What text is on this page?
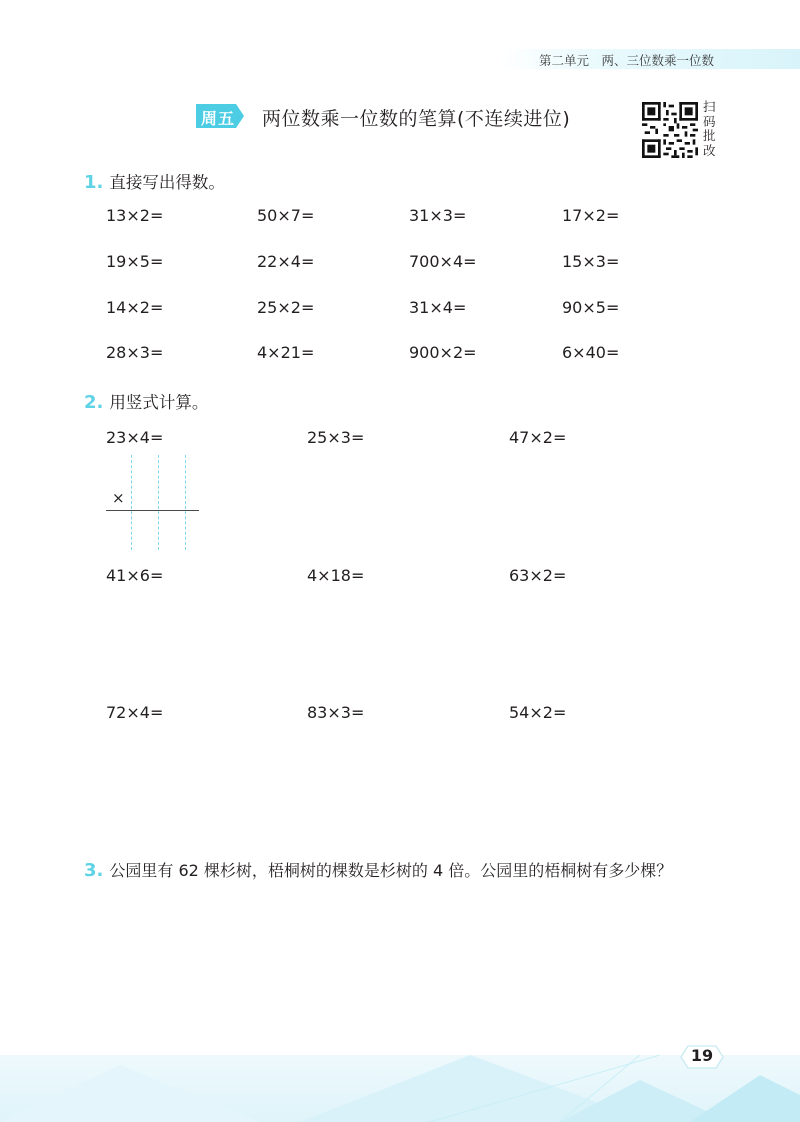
第二单元　两、三位数乘一位数
周五 两位数乘一位数的笔算(不连续进位)
扫
码
批
改
1. 直接写出得数。
13×2=	50×7=	31×3=	17×2=
19×5=	22×4=	700×4=	15×3=
14×2=	25×2=	31×4=	90×5=
28×3=	4×21=	900×2=	6×40=
2. 用竖式计算。
23×4=	25×3=	47×2=
×
41×6=	4×18=	63×2=
72×4=	83×3=	54×2=
3. 公园里有 62 棵杉树，梧桐树的棵数是杉树的 4 倍。公园里的梧桐树有多少棵？
19
